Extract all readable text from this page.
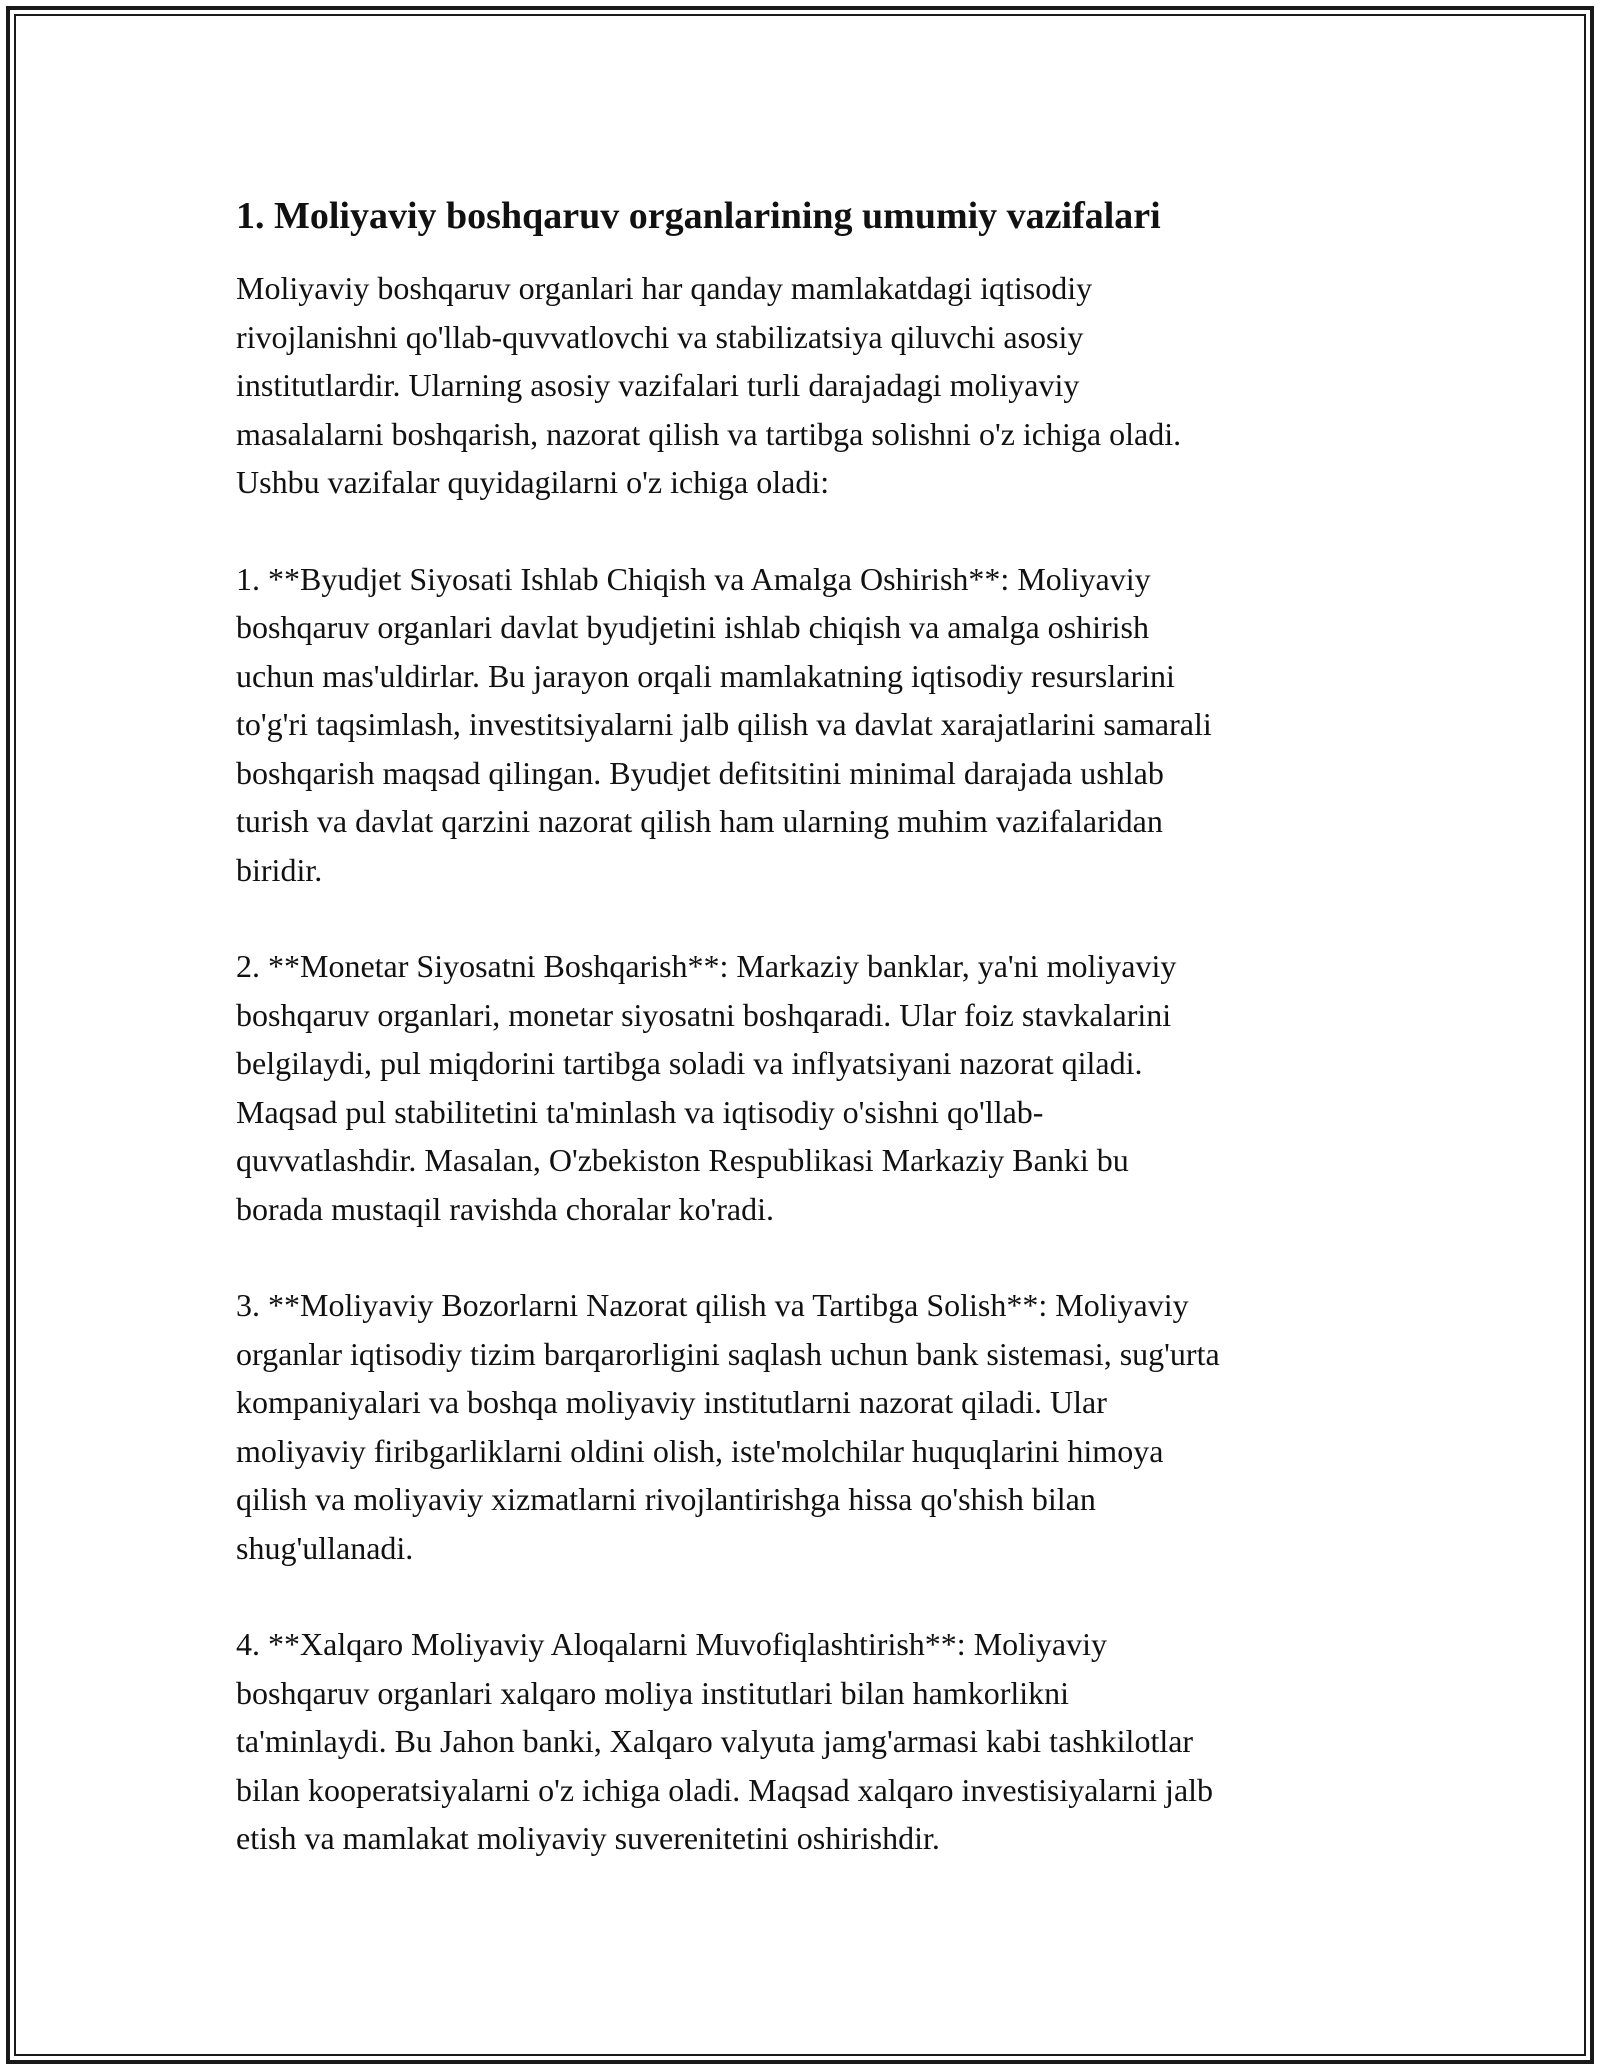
1. Moliyaviy boshqaruv organlarining umumiy vazifalari

Moliyaviy boshqaruv organlari har qanday mamlakatdagi iqtisodiy
rivojlanishni qo'llab-quvvatlovchi va stabilizatsiya qiluvchi asosiy
institutlardir. Ularning asosiy vazifalari turli darajadagi moliyaviy
masalalarni boshqarish, nazorat qilish va tartibga solishni o'z ichiga oladi.
Ushbu vazifalar quyidagilarni o'z ichiga oladi:

1. **Byudjet Siyosati Ishlab Chiqish va Amalga Oshirish**: Moliyaviy
boshqaruv organlari davlat byudjetini ishlab chiqish va amalga oshirish
uchun mas'uldirlar. Bu jarayon orqali mamlakatning iqtisodiy resurslarini
to'g'ri taqsimlash, investitsiyalarni jalb qilish va davlat xarajatlarini samarali
boshqarish maqsad qilingan. Byudjet defitsitini minimal darajada ushlab
turish va davlat qarzini nazorat qilish ham ularning muhim vazifalaridan
biridir.

2. **Monetar Siyosatni Boshqarish**: Markaziy banklar, ya'ni moliyaviy
boshqaruv organlari, monetar siyosatni boshqaradi. Ular foiz stavkalarini
belgilaydi, pul miqdorini tartibga soladi va inflyatsiyani nazorat qiladi.
Maqsad pul stabilitetini ta'minlash va iqtisodiy o'sishni qo'llab-
quvvatlashdir. Masalan, O'zbekiston Respublikasi Markaziy Banki bu
borada mustaqil ravishda choralar ko'radi.

3. **Moliyaviy Bozorlarni Nazorat qilish va Tartibga Solish**: Moliyaviy
organlar iqtisodiy tizim barqarorligini saqlash uchun bank sistemasi, sug'urta
kompaniyalari va boshqa moliyaviy institutlarni nazorat qiladi. Ular
moliyaviy firibgarliklarni oldini olish, iste'molchilar huquqlarini himoya
qilish va moliyaviy xizmatlarni rivojlantirishga hissa qo'shish bilan
shug'ullanadi.

4. **Xalqaro Moliyaviy Aloqalarni Muvofiqlashtirish**: Moliyaviy
boshqaruv organlari xalqaro moliya institutlari bilan hamkorlikni
ta'minlaydi. Bu Jahon banki, Xalqaro valyuta jamg'armasi kabi tashkilotlar
bilan kooperatsiyalarni o'z ichiga oladi. Maqsad xalqaro investisiyalarni jalb
etish va mamlakat moliyaviy suverenitetini oshirishdir.
